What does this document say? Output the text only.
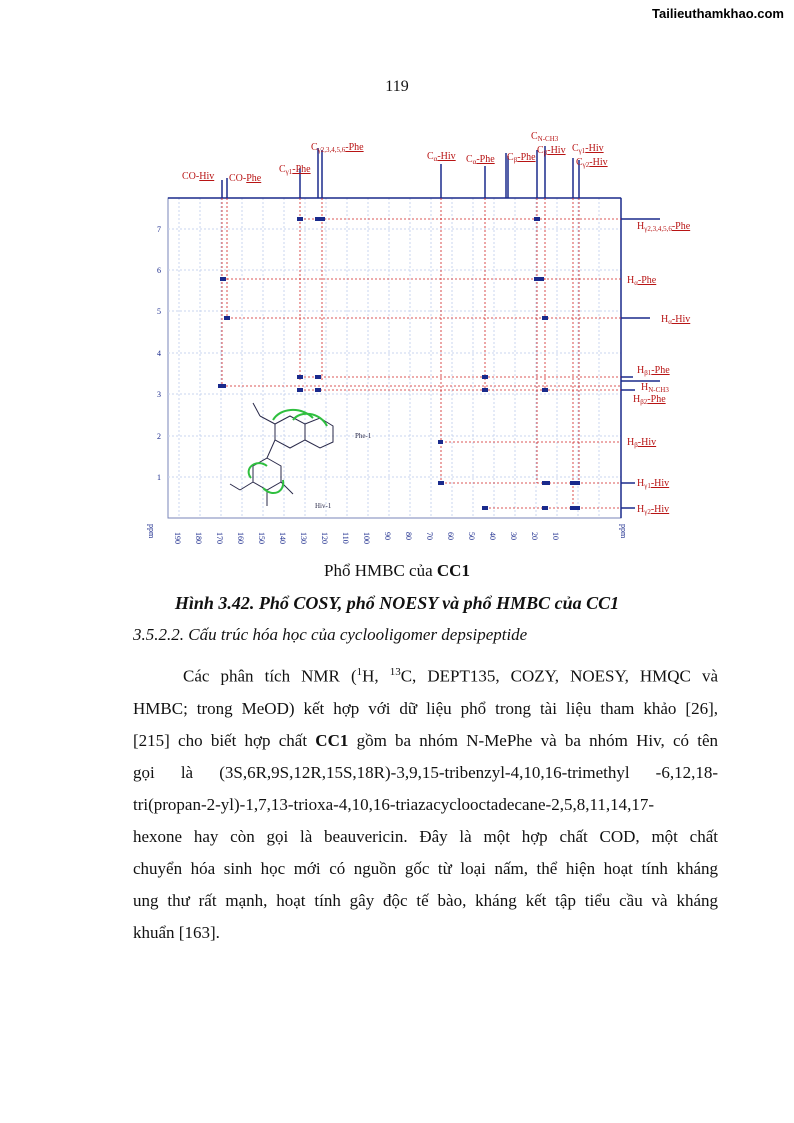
Tailieuthamkhao.com
119
7
6
5
4
3
2
1
190 180 170 160 150 140 130 120 110 100 90 80 70 60 50 40 30 20 10	ppm
ppm
Phe-1
Hiv-1
CO-Hiv CO-Phe
$C_{\gamma 1}$-Phe
$C_{\gamma 2,3,4,5,6}$-Phe
$C_\alpha$-Hiv $C_\alpha$-Phe $C_\beta$-Phe
$C_{N-CH3}$
$C_\beta$-Hiv $C_{\gamma 1}$-Hiv
$C_{\gamma 2}$-Hiv
$H_{\gamma 2,3,4,5,6}$-Phe
$H_\alpha$-Phe
$H_\alpha$-Hiv
$H_{\beta 1}$-Phe
$H_{N-CH3}$
$H_{\beta 2}$-Phe
$H_\beta$-Hiv
$H_{\gamma 1}$-Hiv
$H_{\gamma 2}$-Hiv
Phổ HMBC của CC1
Hình 3.42. Phổ COSY, phổ NOESY và phổ HMBC của CC1
3.5.2.2. Cấu trúc hóa học của cyclooligomer depsipeptide
Các phân tích NMR ($^1$H, $^{13}$C, DEPT135, COZY, NOESY, HMQC và
HMBC; trong MeOD) kết hợp với dữ liệu phổ trong tài liệu tham khảo [26],
[215] cho biết hợp chất CC1 gồm ba nhóm N-MePhe và ba nhóm Hiv, có tên
gọi là (3S,6R,9S,12R,15S,18R)-3,9,15-tribenzyl-4,10,16-trimethyl -6,12,18-
tri(propan-2-yl)-1,7,13-trioxa-4,10,16-triazacyclooctadecane-2,5,8,11,14,17-
hexone hay còn gọi là beauvericin. Đây là một hợp chất COD, một chất
chuyển hóa sinh học mới có nguồn gốc từ loại nấm, thể hiện hoạt tính kháng
ung thư rất mạnh, hoạt tính gây độc tế bào, kháng kết tập tiểu cầu và kháng
khuẩn [163].
